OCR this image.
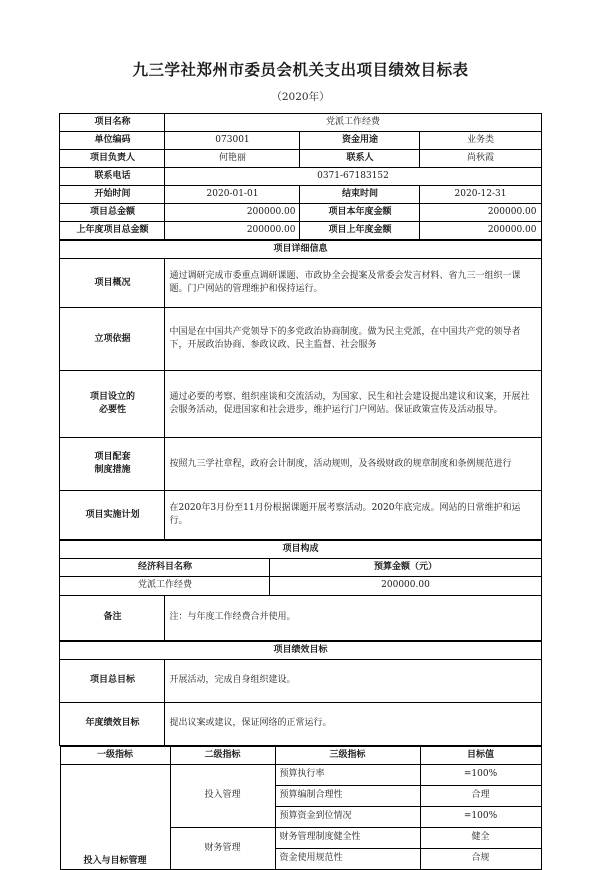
九三学社郑州市委员会机关支出项目绩效目标表
（2020年）
项目名称	党派工作经费		
单位编码	073001	资金用途	业务类
项目负责人	何艳丽	联系人	尚秋霞
联系电话	0371-67183152		
开始时间	2020-01-01	结束时间	2020-12-31
项目总金额	200000.00	项目本年度金额	200000.00
上年度项目总金额	200000.00	项目上年度金额	200000.00
项目详细信息	
项目概况	通过调研完成市委重点调研课题、市政协全会提案及常委会发言材料、省九三一组织一课题。门户网站的管理维护和保持运行。
立项依据	中国是在中国共产党领导下的多党政治协商制度。做为民主党派，在中国共产党的领导者下，开展政治协商、参政议政、民主监督、社会服务

项目设立的
必要性	通过必要的考察、组织座谈和交流活动，为国家、民生和社会建设提出建议和议案，开展社会服务活动，促进国家和社会进步，维护运行门户网站。保证政策宣传及活动报导。

项目配套
制度措施	按照九三学社章程，政府会计制度，活动规则，及各级财政的规章制度和条例规范进行
项目实施计划	在2020年3月份至11月份根据课题开展考察活动。2020年底完成。网站的日常维护和运行。
项目构成		
经济科目名称		预算金额（元）
党派工作经费		200000.00
备注	注：与年度工作经费合并使用。	
项目绩效目标	
项目总目标	开展活动，完成自身组织建设。
年度绩效目标	提出议案或建议，保证网络的正常运行。
一级指标	二级指标	三级指标	目标值
投入与目标管理	投入管理	预算执行率	=100%
		预算编制合理性	合理
		预算资金到位情况	=100%
	财务管理	财务管理制度健全性	健全
		资金使用规范性	合规
